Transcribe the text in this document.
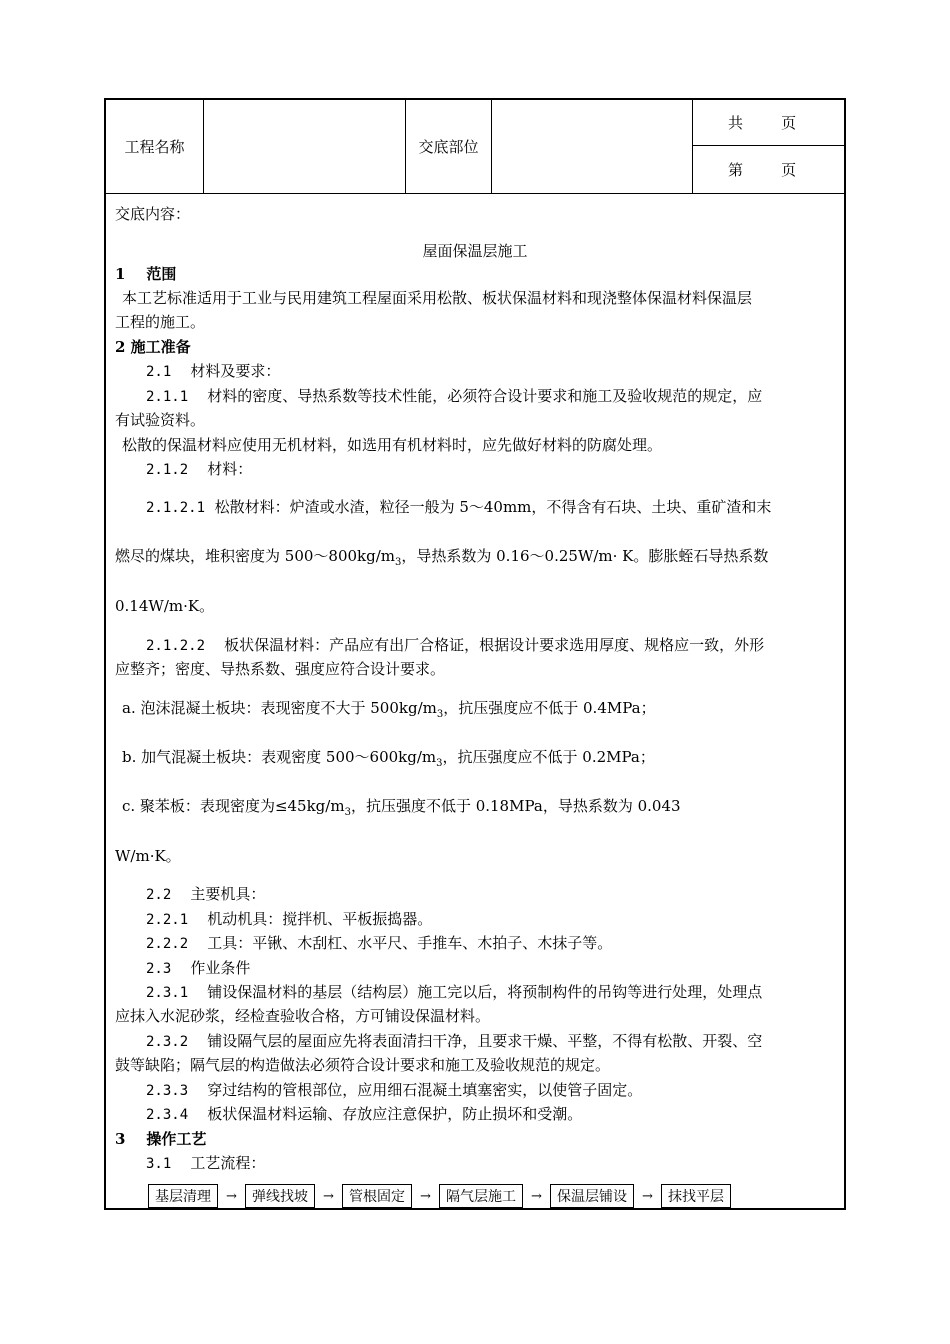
工程名称	交底部位
共        页
第        页
交底内容：
屋面保温层施工
1 范围
本工艺标准适用于工业与民用建筑工程屋面采用松散、板状保温材料和现浇整体保温材料保温层
工程的施工。
2 施工准备
2.1 材料及要求：
2.1.1 材料的密度、导热系数等技术性能，必须符合设计要求和施工及验收规范的规定，应
有试验资料。
松散的保温材料应使用无机材料，如选用有机材料时，应先做好材料的防腐处理。
2.1.2 材料：
2.1.2.1 松散材料：炉渣或水渣，粒径一般为 5～40mm，不得含有石块、土块、重矿渣和末
燃尽的煤块，堆积密度为 $500\sim 800kg/m_3$，导热系数为 0.16～0.25W/m· K。膨胀蛭石导热系数
0.14W/m·K。
2.1.2.2 板状保温材料：产品应有出厂合格证，根据设计要求选用厚度、规格应一致，外形
应整齐；密度、导热系数、强度应符合设计要求。
a. 泡沫混凝土板块：表现密度不大于 $500kg/m_3$，抗压强度应不低于 0.4MPa；
b. 加气混凝土板块：表观密度 $500\sim 600kg/m_3$，抗压强度应不低于 0.2MPa；
c. 聚苯板：表现密度为$\le 45kg/m_3$，抗压强度不低于 0.18MPa，导热系数为 0.043
W/m·K。
2.2 主要机具：
2.2.1 机动机具：搅拌机、平板振捣器。
2.2.2 工具：平锹、木刮杠、水平尺、手推车、木拍子、木抹子等。
2.3 作业条件
2.3.1 铺设保温材料的基层（结构层）施工完以后，将预制构件的吊钩等进行处理，处理点
应抹入水泥砂浆，经检查验收合格，方可铺设保温材料。
2.3.2 铺设隔气层的屋面应先将表面清扫干净，且要求干燥、平整，不得有松散、开裂、空
鼓等缺陷；隔气层的构造做法必须符合设计要求和施工及验收规范的规定。
2.3.3 穿过结构的管根部位，应用细石混凝土填塞密实，以使管子固定。
2.3.4 板状保温材料运输、存放应注意保护，防止损坏和受潮。
3 操作工艺
3.1 工艺流程：
基层清理	→	弹线找坡	→	管根固定	→	隔气层施工	→	保温层铺设	→	抹找平层
